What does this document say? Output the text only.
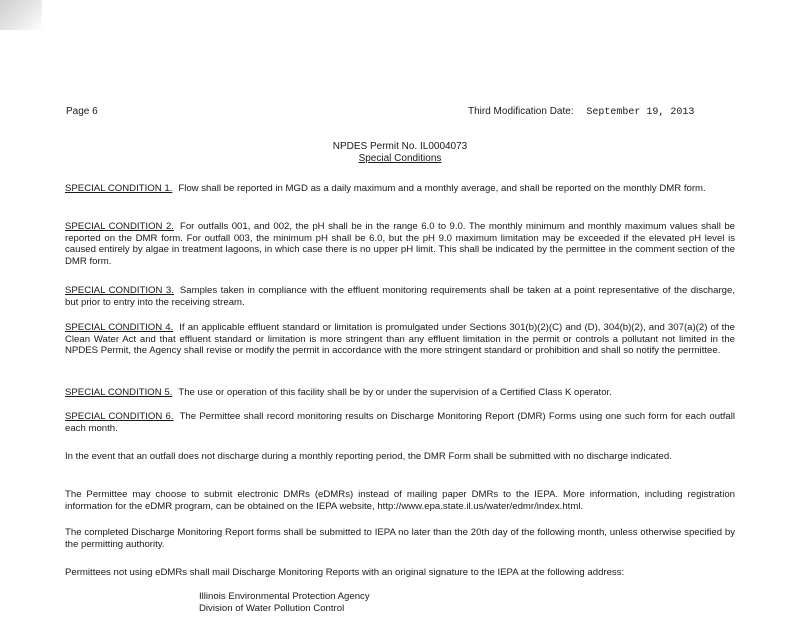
Page 6	Third Modification Date: September 19, 2013
NPDES Permit No. IL0004073
Special Conditions

SPECIAL CONDITION 1. Flow shall be reported in MGD as a daily maximum and a monthly average, and shall be reported on the monthly DMR form.

SPECIAL CONDITION 2. For outfalls 001, and 002, the pH shall be in the range 6.0 to 9.0. The monthly minimum and monthly maximum values shall be reported on the DMR form. For outfall 003, the minimum pH shall be 6.0, but the pH 9.0 maximum limitation may be exceeded if the elevated pH level is caused entirely by algae in treatment lagoons, in which case there is no upper pH limit. This shall be indicated by the permittee in the comment section of the DMR form.

SPECIAL CONDITION 3. Samples taken in compliance with the effluent monitoring requirements shall be taken at a point representative of the discharge, but prior to entry into the receiving stream.

SPECIAL CONDITION 4. If an applicable effluent standard or limitation is promulgated under Sections 301(b)(2)(C) and (D), 304(b)(2), and 307(a)(2) of the Clean Water Act and that effluent standard or limitation is more stringent than any effluent limitation in the permit or controls a pollutant not limited in the NPDES Permit, the Agency shall revise or modify the permit in accordance with the more stringent standard or prohibition and shall so notify the permittee.

SPECIAL CONDITION 5. The use or operation of this facility shall be by or under the supervision of a Certified Class K operator.

SPECIAL CONDITION 6. The Permittee shall record monitoring results on Discharge Monitoring Report (DMR) Forms using one such form for each outfall each month.

In the event that an outfall does not discharge during a monthly reporting period, the DMR Form shall be submitted with no discharge indicated.

The Permittee may choose to submit electronic DMRs (eDMRs) instead of mailing paper DMRs to the IEPA. More information, including registration information for the eDMR program, can be obtained on the IEPA website, http://www.epa.state.il.us/water/edmr/index.html.

The completed Discharge Monitoring Report forms shall be submitted to IEPA no later than the 20th day of the following month, unless otherwise specified by the permitting authority.

Permittees not using eDMRs shall mail Discharge Monitoring Reports with an original signature to the IEPA at the following address:

Illinois Environmental Protection Agency
Division of Water Pollution Control
